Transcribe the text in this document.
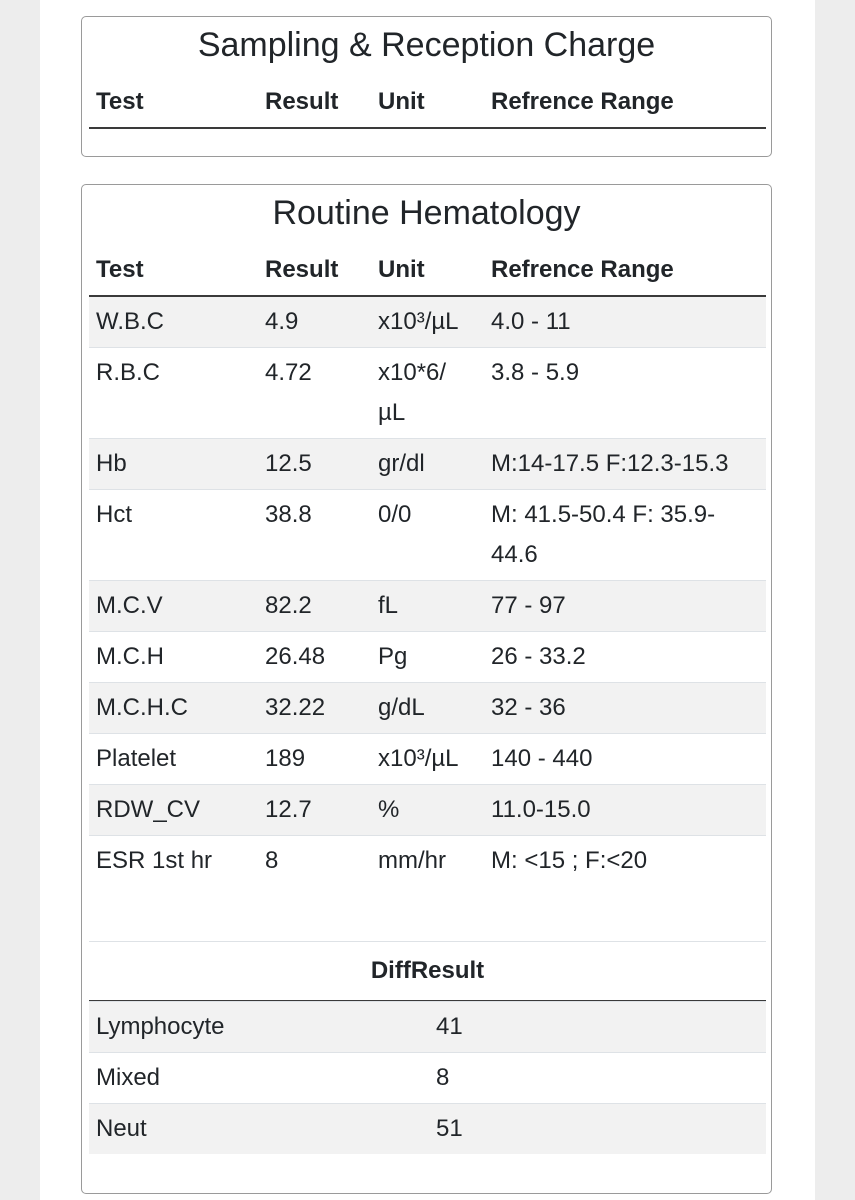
Sampling & Reception Charge
Test	Result	Unit	Refrence Range
Routine Hematology
Test	Result	Unit	Refrence Range
W.B.C	4.9	x10³/µL	4.0 - 11
R.B.C	4.72	x10*6/ µL	3.8 - 5.9
Hb	12.5	gr/dl	M:14-17.5 F:12.3-15.3
Hct	38.8	0/0	M: 41.5-50.4 F: 35.9-44.6
M.C.V	82.2	fL	77 - 97
M.C.H	26.48	Pg	26 - 33.2
M.C.H.C	32.22	g/dL	32 - 36
Platelet	189	x10³/µL	140 - 440
RDW_CV	12.7	%	11.0-15.0
ESR 1st hr	8	mm/hr	M: <15 ; F:<20
DiffResult
Lymphocyte	41
Mixed	8
Neut	51
